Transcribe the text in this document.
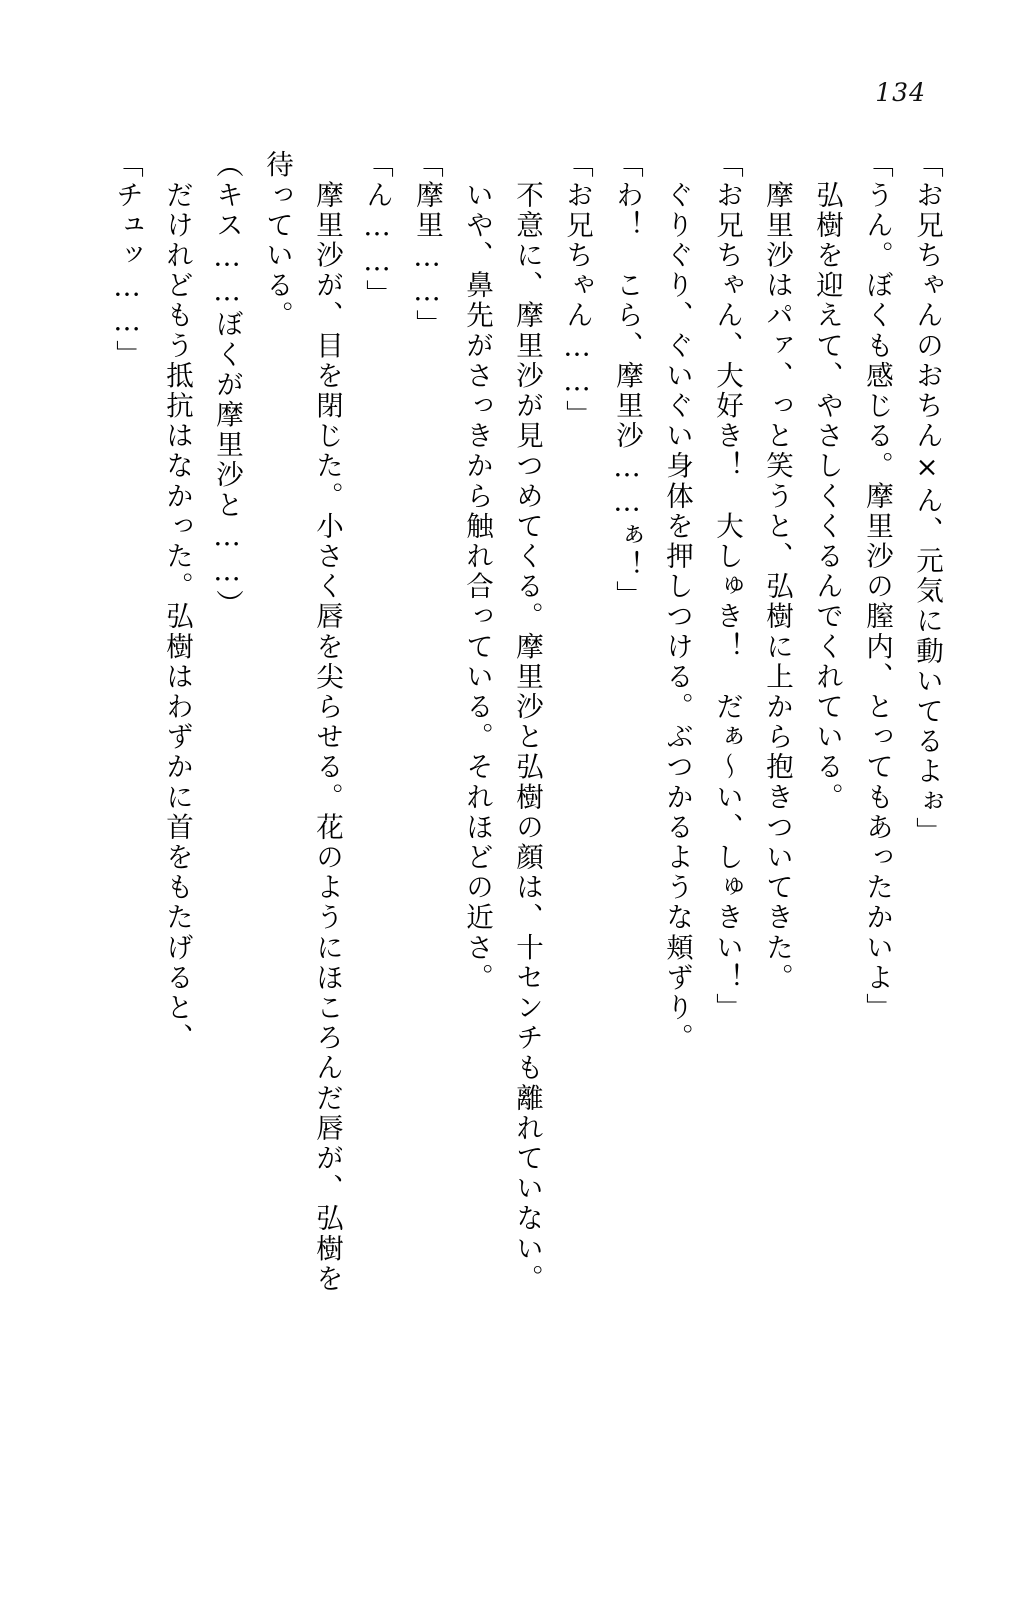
134
「お兄ちゃんのおちん×ん、元気に動いてるよぉ」
「うん。ぼくも感じる。摩里沙の膣内、とってもあったかいよ」
　弘樹を迎えて、やさしくくるんでくれている。
　摩里沙はパァ、っと笑うと、弘樹に上から抱きついてきた。
「お兄ちゃん、大好き！　大しゅき！　だぁ～い、しゅきい！」
　ぐりぐり、ぐいぐい身体を押しつける。ぶつかるような頬ずり。
「わ！　こら、摩里沙……ぁ！」
「お兄ちゃん……」
　不意に、摩里沙が見つめてくる。摩里沙と弘樹の顔は、十センチも離れていない。
　いや、鼻先がさっきから触れ合っている。それほどの近さ。
「摩里……」
「ん……」
　摩里沙が、目を閉じた。小さく唇を尖らせる。花のようにほころんだ唇が、弘樹を
待っている。
（キス……ぼくが摩里沙と……）
　だけれどもう抵抗はなかった。弘樹はわずかに首をもたげると、
「チュッ……」
